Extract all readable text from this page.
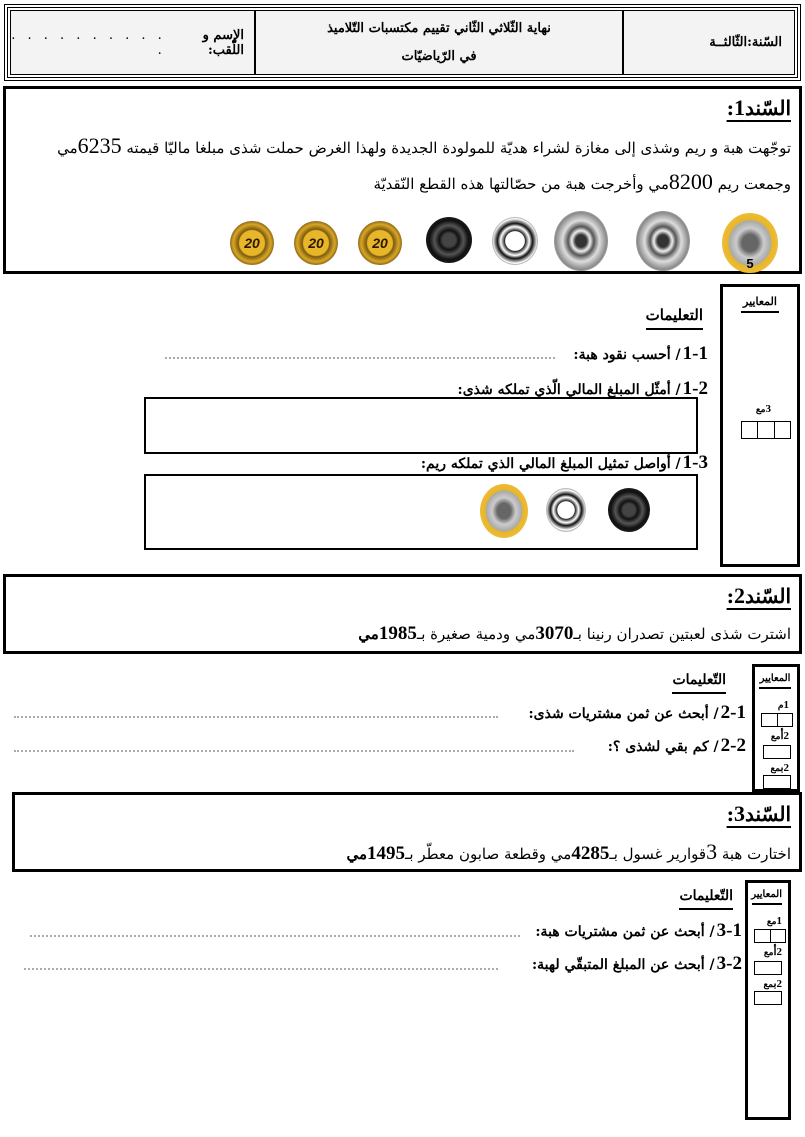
السّنة:الثّالثــة
نهاية الثّلاثي الثّاني تقييم مكتسبات التّلاميذ
في الرّياضيّات
الإسم و اللّقب:
. . . . . . . . . . .
السّند1:
توجّهت هبة و ريم وشذى إلى مغازة لشراء هديّة للمولودة الجديدة ولهذا الغرض حملت شذى مبلغا ماليّا قيمته 6235مي
وجمعت ريم 8200مي وأخرجت هبة من حصّالتها هذه القطع النّقديّة
5
20
20
20
المعايير
3مع
التعليمات
1-1
/ أحسب نقود هبة:
1-2
/ أمثّل المبلغ المالي الّذي تملكه شذى:
1-3
/ أواصل تمثيل المبلغ المالي الذي تملكه ريم:
السّند2:
اشترت شذى لعبتين تصدران رنينا بـ3070مي ودمية صغيرة بـ1985مي
المعايير
1م
2أمع
2بمع
التّعليمات
2-1
/ أبحث عن ثمن مشتريات شذى:
2-2
/ كم بقي لشذى ؟:
السّند3:
اختارت هبة 3قوارير غسول بـ4285مي وقطعة صابون معطّر بـ1495مي
المعايير
1مع
2أمع
2بمع
التّعليمات
3-1
/ أبحث عن ثمن مشتريات هبة:
3-2
/ أبحث عن المبلغ المتبقّي لهبة:
